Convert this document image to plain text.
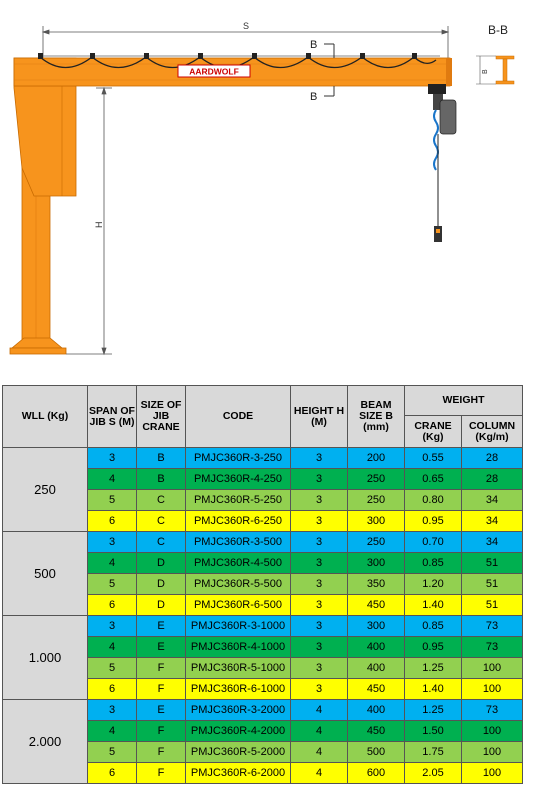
S
AARDWOLF
B
B
B-B
B
H
WLL (Kg)	SPAN OF JIB S (M)	SIZE OF JIB CRANE	CODE	HEIGHT H (M)	BEAM SIZE B (mm)	WEIGHT	
						CRANE (Kg)	COLUMN (Kg/m)
250	3	B	PMJC360R-3-250	3	200	0.55	28
	4	B	PMJC360R-4-250	3	250	0.65	28
	5	C	PMJC360R-5-250	3	250	0.80	34
	6	C	PMJC360R-6-250	3	300	0.95	34
500	3	C	PMJC360R-3-500	3	250	0.70	34
	4	D	PMJC360R-4-500	3	300	0.85	51
	5	D	PMJC360R-5-500	3	350	1.20	51
	6	D	PMJC360R-6-500	3	450	1.40	51
1.000	3	E	PMJC360R-3-1000	3	300	0.85	73
	4	E	PMJC360R-4-1000	3	400	0.95	73
	5	F	PMJC360R-5-1000	3	400	1.25	100
	6	F	PMJC360R-6-1000	3	450	1.40	100
2.000	3	E	PMJC360R-3-2000	4	400	1.25	73
	4	F	PMJC360R-4-2000	4	450	1.50	100
	5	F	PMJC360R-5-2000	4	500	1.75	100
	6	F	PMJC360R-6-2000	4	600	2.05	100
